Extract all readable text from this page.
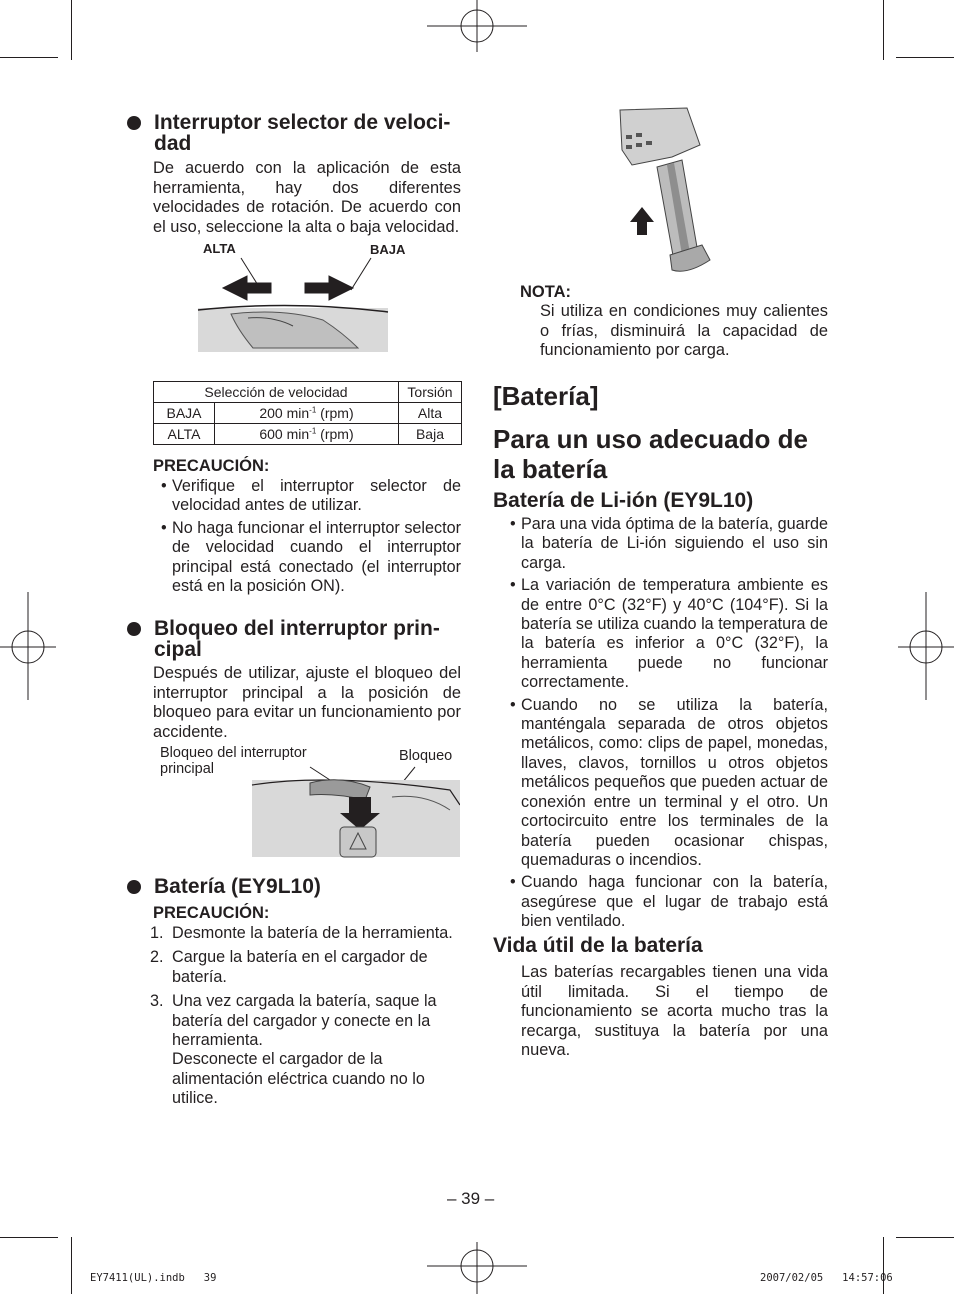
Interruptor selector de veloci-
dad

De acuerdo con la aplicación de esta herramienta, hay dos diferentes velocidades de rotación. De acuerdo con el uso, seleccione la alta o baja velocidad.

ALTA	BAJA
Selección de velocidad		Torsión
BAJA	200 $\min^{-1} (rpm)$	Alta
ALTA	600 $\min^{-1} (rpm)$	Baja
PRECAUCIÓN:
• Verifique el interruptor selector de velocidad antes de utilizar.
• No haga funcionar el interruptor selector de velocidad cuando el interruptor principal está conectado (el interruptor está en la posición ON).
Bloqueo del interruptor prin-
cipal

Después de utilizar, ajuste el bloqueo del interruptor principal a la posición de bloqueo para evitar un funcionamiento por accidente.

Bloqueo del interruptor principal
Bloqueo
Batería (EY9L10)
PRECAUCIÓN:
1. Desmonte la batería de la herramienta.
2. Cargue la batería en el cargador de batería.
3. Una vez cargada la batería, saque la batería del cargador y conecte en la herramienta.
Desconecte el cargador de la alimentación eléctrica cuando no lo utilice.
NOTA:

Si utiliza en condiciones muy calientes o frías, disminuirá la capacidad de funcionamiento por carga.

[Batería]
Para un uso adecuado de la batería
Batería de Li-ión (EY9L10)
• Para una vida óptima de la batería, guarde la batería de Li-ión siguiendo el uso sin carga.
• La variación de temperatura ambiente es de entre 0°C (32°F) y 40°C (104°F). Si la batería se utiliza cuando la temperatura de la batería es inferior a 0°C (32°F), la herramienta puede no funcionar correctamente.
• Cuando no se utiliza la batería, manténgala separada de otros objetos metálicos, como: clips de papel, monedas, llaves, clavos, tornillos u otros objetos metálicos pequeños que pueden actuar de conexión entre un terminal y el otro. Un cortocircuito entre los terminales de la batería pueden ocasionar chispas, quemaduras o incendios.
• Cuando haga funcionar con la batería, asegúrese que el lugar de trabajo está bien ventilado.
Vida útil de la batería

Las baterías recargables tienen una vida útil limitada. Si el tiempo de funcionamiento se acorta mucho tras la recarga, sustituya la batería por una nueva.

– 39 –
EY7411(UL).indb   39	2007/02/05   14:57:06
